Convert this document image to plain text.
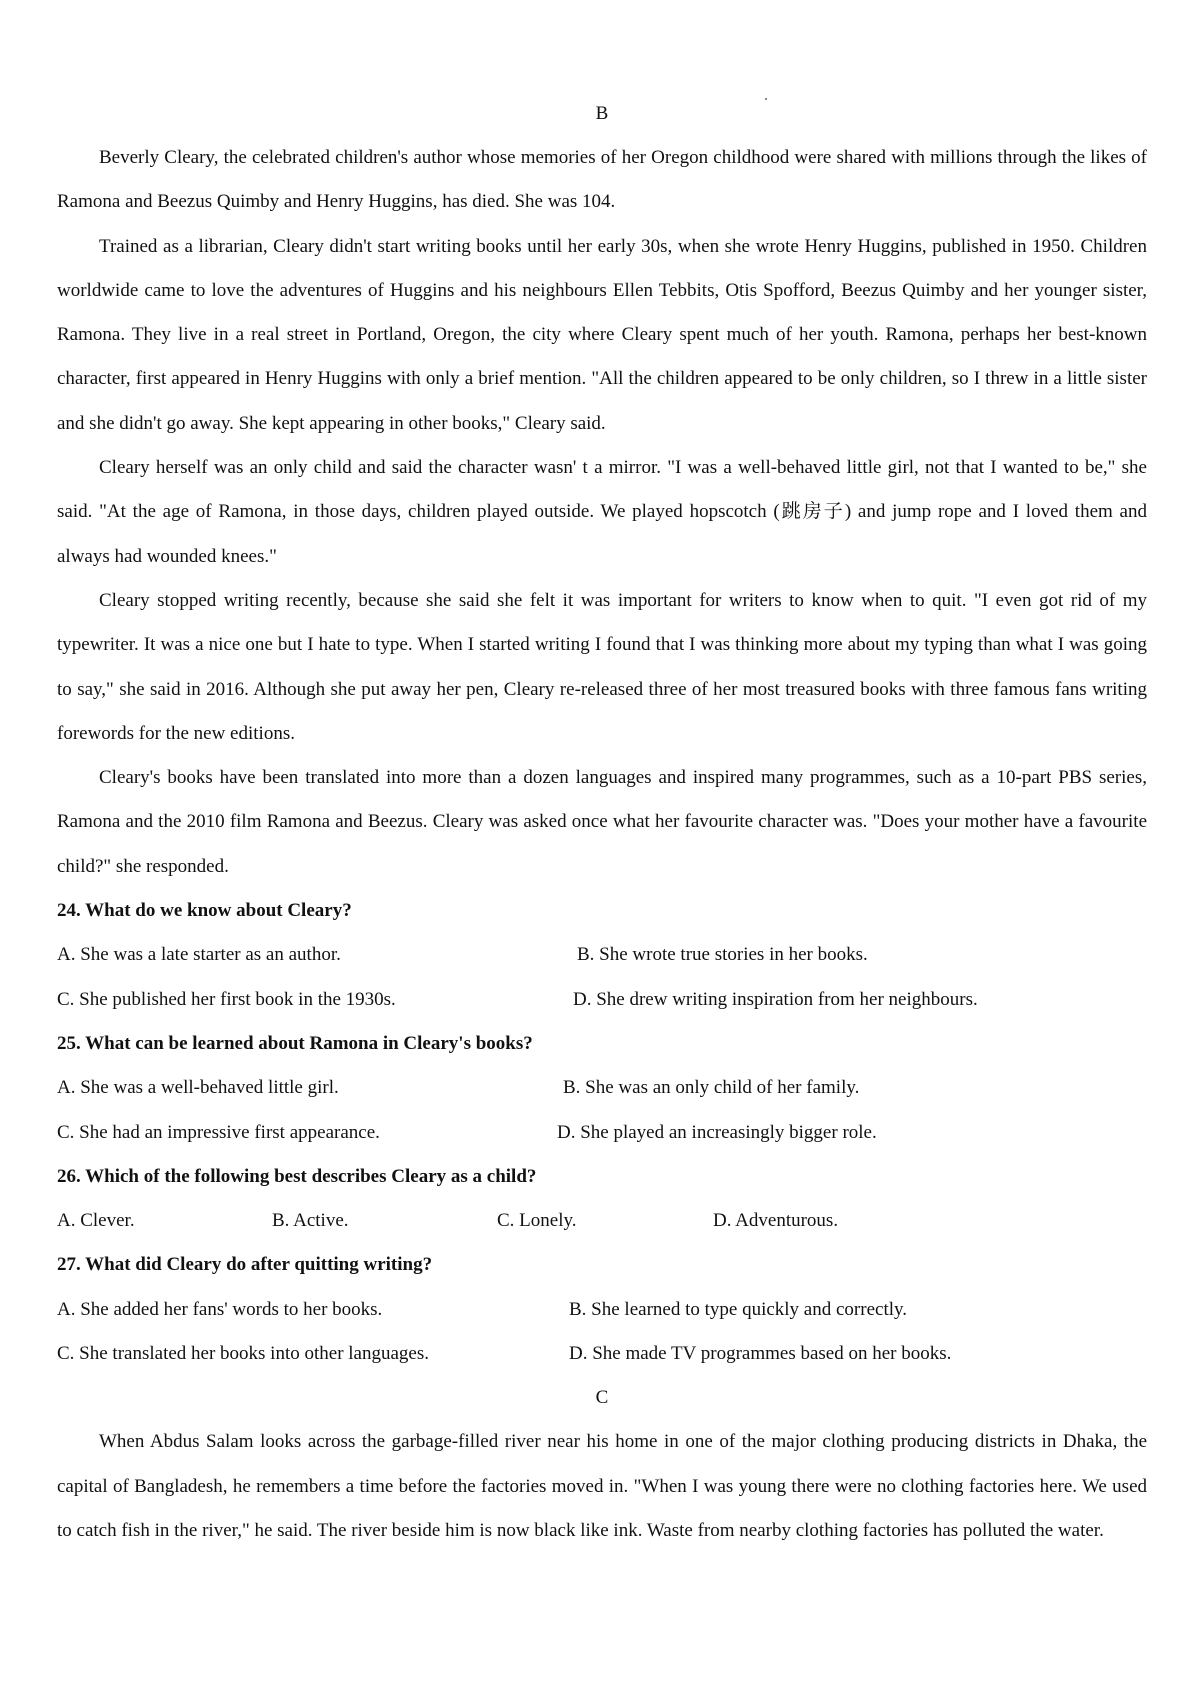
B

Beverly Cleary, the celebrated children's author whose memories of her Oregon childhood were shared with millions through the likes of Ramona and Beezus Quimby and Henry Huggins, has died. She was 104.

Trained as a librarian, Cleary didn't start writing books until her early 30s, when she wrote Henry Huggins, published in 1950. Children worldwide came to love the adventures of Huggins and his neighbours Ellen Tebbits, Otis Spofford, Beezus Quimby and her younger sister, Ramona. They live in a real street in Portland, Oregon, the city where Cleary spent much of her youth. Ramona, perhaps her best-known character, first appeared in Henry Huggins with only a brief mention. "All the children appeared to be only children, so I threw in a little sister and she didn't go away. She kept appearing in other books," Cleary said.

Cleary herself was an only child and said the character wasn' t a mirror. "I was a well-behaved little girl, not that I wanted to be," she said. "At the age of Ramona, in those days, children played outside. We played hopscotch (跳房子) and jump rope and I loved them and always had wounded knees."

Cleary stopped writing recently, because she said she felt it was important for writers to know when to quit. "I even got rid of my typewriter. It was a nice one but I hate to type. When I started writing I found that I was thinking more about my typing than what I was going to say," she said in 2016. Although she put away her pen, Cleary re-released three of her most treasured books with three famous fans writing forewords for the new editions.

Cleary's books have been translated into more than a dozen languages and inspired many programmes, such as a 10-part PBS series, Ramona and the 2010 film Ramona and Beezus. Cleary was asked once what her favourite character was. "Does your mother have a favourite child?" she responded.

24. What do we know about Cleary?

A. She was a late starter as an author.	B. She wrote true stories in her books.
C. She published her first book in the 1930s.	D. She drew writing inspiration from her neighbours.

25. What can be learned about Ramona in Cleary's books?

A. She was a well-behaved little girl.	B. She was an only child of her family.
C. She had an impressive first appearance.	D. She played an increasingly bigger role.

26. Which of the following best describes Cleary as a child?

A. Clever.	B. Active.	C. Lonely.	D. Adventurous.

27. What did Cleary do after quitting writing?

A. She added her fans' words to her books.	B. She learned to type quickly and correctly.
C. She translated her books into other languages.	D. She made TV programmes based on her books.
C

When Abdus Salam looks across the garbage-filled river near his home in one of the major clothing producing districts in Dhaka, the capital of Bangladesh, he remembers a time before the factories moved in. "When I was young there were no clothing factories here. We used to catch fish in the river," he said. The river beside him is now black like ink. Waste from nearby clothing factories has polluted the water.
